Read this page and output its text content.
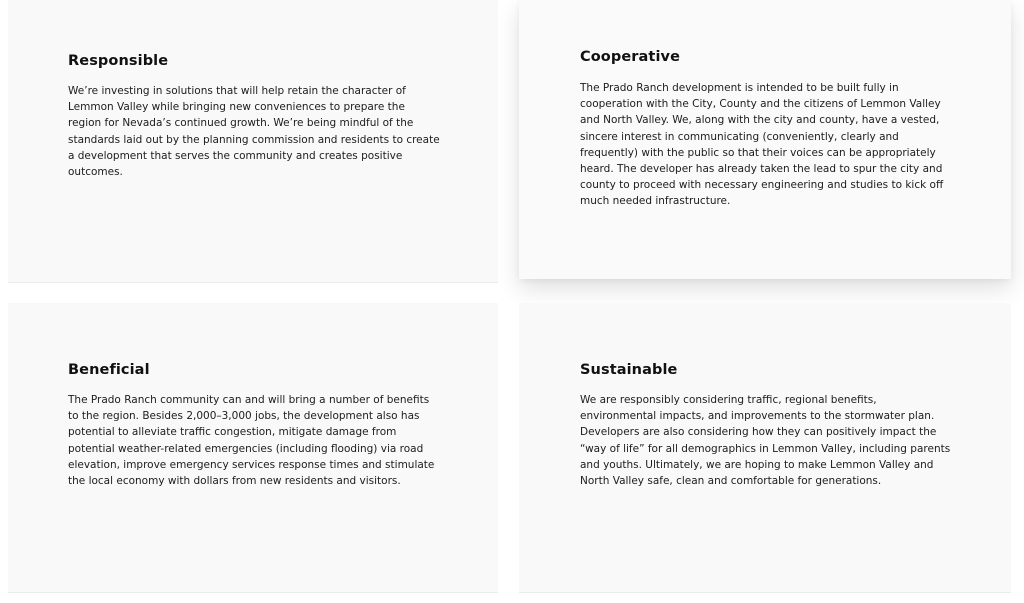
Responsible

We’re investing in solutions that will help retain the character of Lemmon Valley while bringing new conveniences to prepare the region for Nevada’s continued growth. We’re being mindful of the standards laid out by the planning commission and residents to create a development that serves the community and creates positive outcomes.

Cooperative

The Prado Ranch development is intended to be built fully in cooperation with the City, County and the citizens of Lemmon Valley and North Valley. We, along with the city and county, have a vested, sincere interest in communicating (conveniently, clearly and frequently) with the public so that their voices can be appropriately heard. The developer has already taken the lead to spur the city and county to proceed with necessary engineering and studies to kick off much needed infrastructure.

Beneficial

The Prado Ranch community can and will bring a number of benefits to the region. Besides 2,000–3,000 jobs, the development also has potential to alleviate traffic congestion, mitigate damage from potential weather-related emergencies (including flooding) via road elevation, improve emergency services response times and stimulate the local economy with dollars from new residents and visitors.

Sustainable

We are responsibly considering traffic, regional benefits, environmental impacts, and improvements to the stormwater plan. Developers are also considering how they can positively impact the “way of life” for all demographics in Lemmon Valley, including parents and youths. Ultimately, we are hoping to make Lemmon Valley and North Valley safe, clean and comfortable for generations.
